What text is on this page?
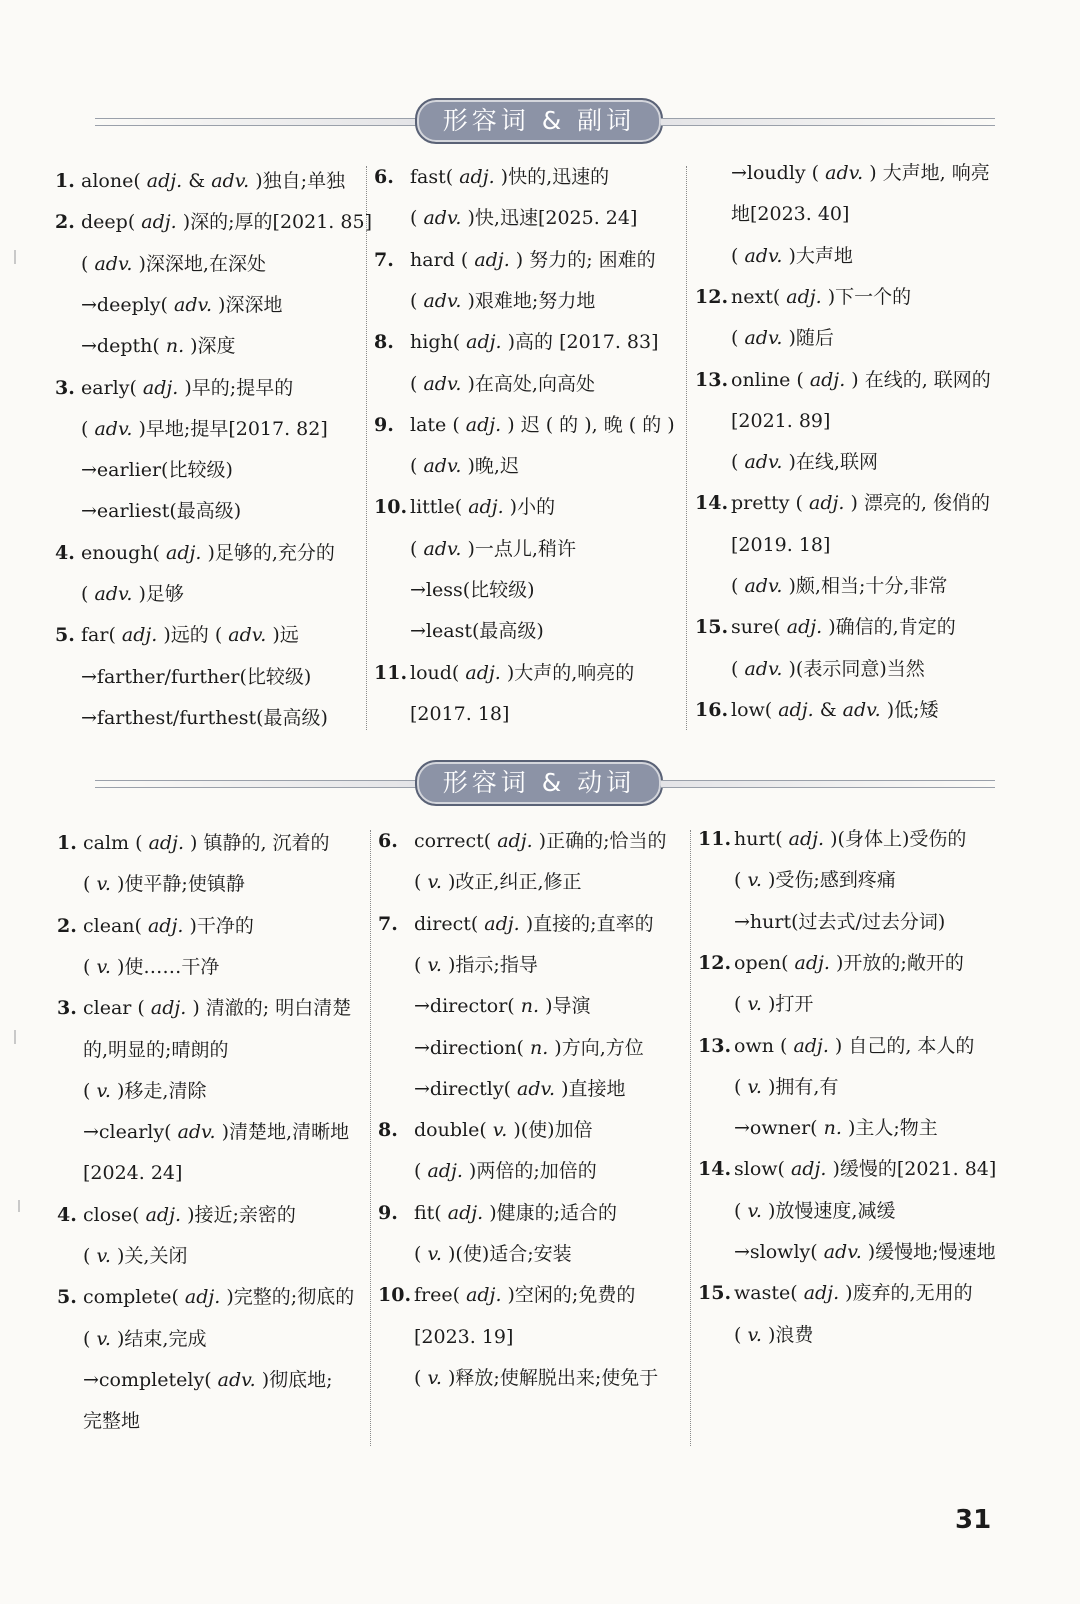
形容词 & 副词
1. alone( adj. & adv. )独自;单独
2. deep( adj. )深的;厚的[2021. 85]
( adv. )深深地,在深处
→deeply( adv. )深深地
→depth( n. )深度
3. early( adj. )早的;提早的
( adv. )早地;提早[2017. 82]
→earlier(比较级)
→earliest(最高级)
4. enough( adj. )足够的,充分的
( adv. )足够
5. far( adj. )远的 ( adv. )远
→farther/further(比较级)
→farthest/furthest(最高级)
6. fast( adj. )快的,迅速的
( adv. )快,迅速[2025. 24]
7. hard ( adj. ) 努力的; 困难的
( adv. )艰难地;努力地
8. high( adj. )高的 [2017. 83]
( adv. )在高处,向高处
9. late ( adj. ) 迟 ( 的 ), 晚 ( 的 )
( adv. )晚,迟
10. little( adj. )小的
( adv. )一点儿,稍许
→less(比较级)
→least(最高级)
11. loud( adj. )大声的,响亮的
[2017. 18]
→loudly ( adv. ) 大声地, 响亮
地[2023. 40]
( adv. )大声地
12. next( adj. )下一个的
( adv. )随后
13. online ( adj. ) 在线的, 联网的
[2021. 89]
( adv. )在线,联网
14. pretty ( adj. ) 漂亮的, 俊俏的
[2019. 18]
( adv. )颇,相当;十分,非常
15. sure( adj. )确信的,肯定的
( adv. )(表示同意)当然
16. low( adj. & adv. )低;矮
形容词 & 动词
1. calm ( adj. ) 镇静的, 沉着的
( v. )使平静;使镇静
2. clean( adj. )干净的
( v. )使……干净
3. clear ( adj. ) 清澈的; 明白清楚
的,明显的;晴朗的
( v. )移走,清除
→clearly( adv. )清楚地,清晰地
[2024. 24]
4. close( adj. )接近;亲密的
( v. )关,关闭
5. complete( adj. )完整的;彻底的
( v. )结束,完成
→completely( adv. )彻底地;
完整地
6. correct( adj. )正确的;恰当的
( v. )改正,纠正,修正
7. direct( adj. )直接的;直率的
( v. )指示;指导
→director( n. )导演
→direction( n. )方向,方位
→directly( adv. )直接地
8. double( v. )(使)加倍
( adj. )两倍的;加倍的
9. fit( adj. )健康的;适合的
( v. )(使)适合;安装
10. free( adj. )空闲的;免费的
[2023. 19]
( v. )释放;使解脱出来;使免于
11. hurt( adj. )(身体上)受伤的
( v. )受伤;感到疼痛
→hurt(过去式/过去分词)
12. open( adj. )开放的;敞开的
( v. )打开
13. own ( adj. ) 自己的, 本人的
( v. )拥有,有
→owner( n. )主人;物主
14. slow( adj. )缓慢的[2021. 84]
( v. )放慢速度,减缓
→slowly( adv. )缓慢地;慢速地
15. waste( adj. )废弃的,无用的
( v. )浪费
31
